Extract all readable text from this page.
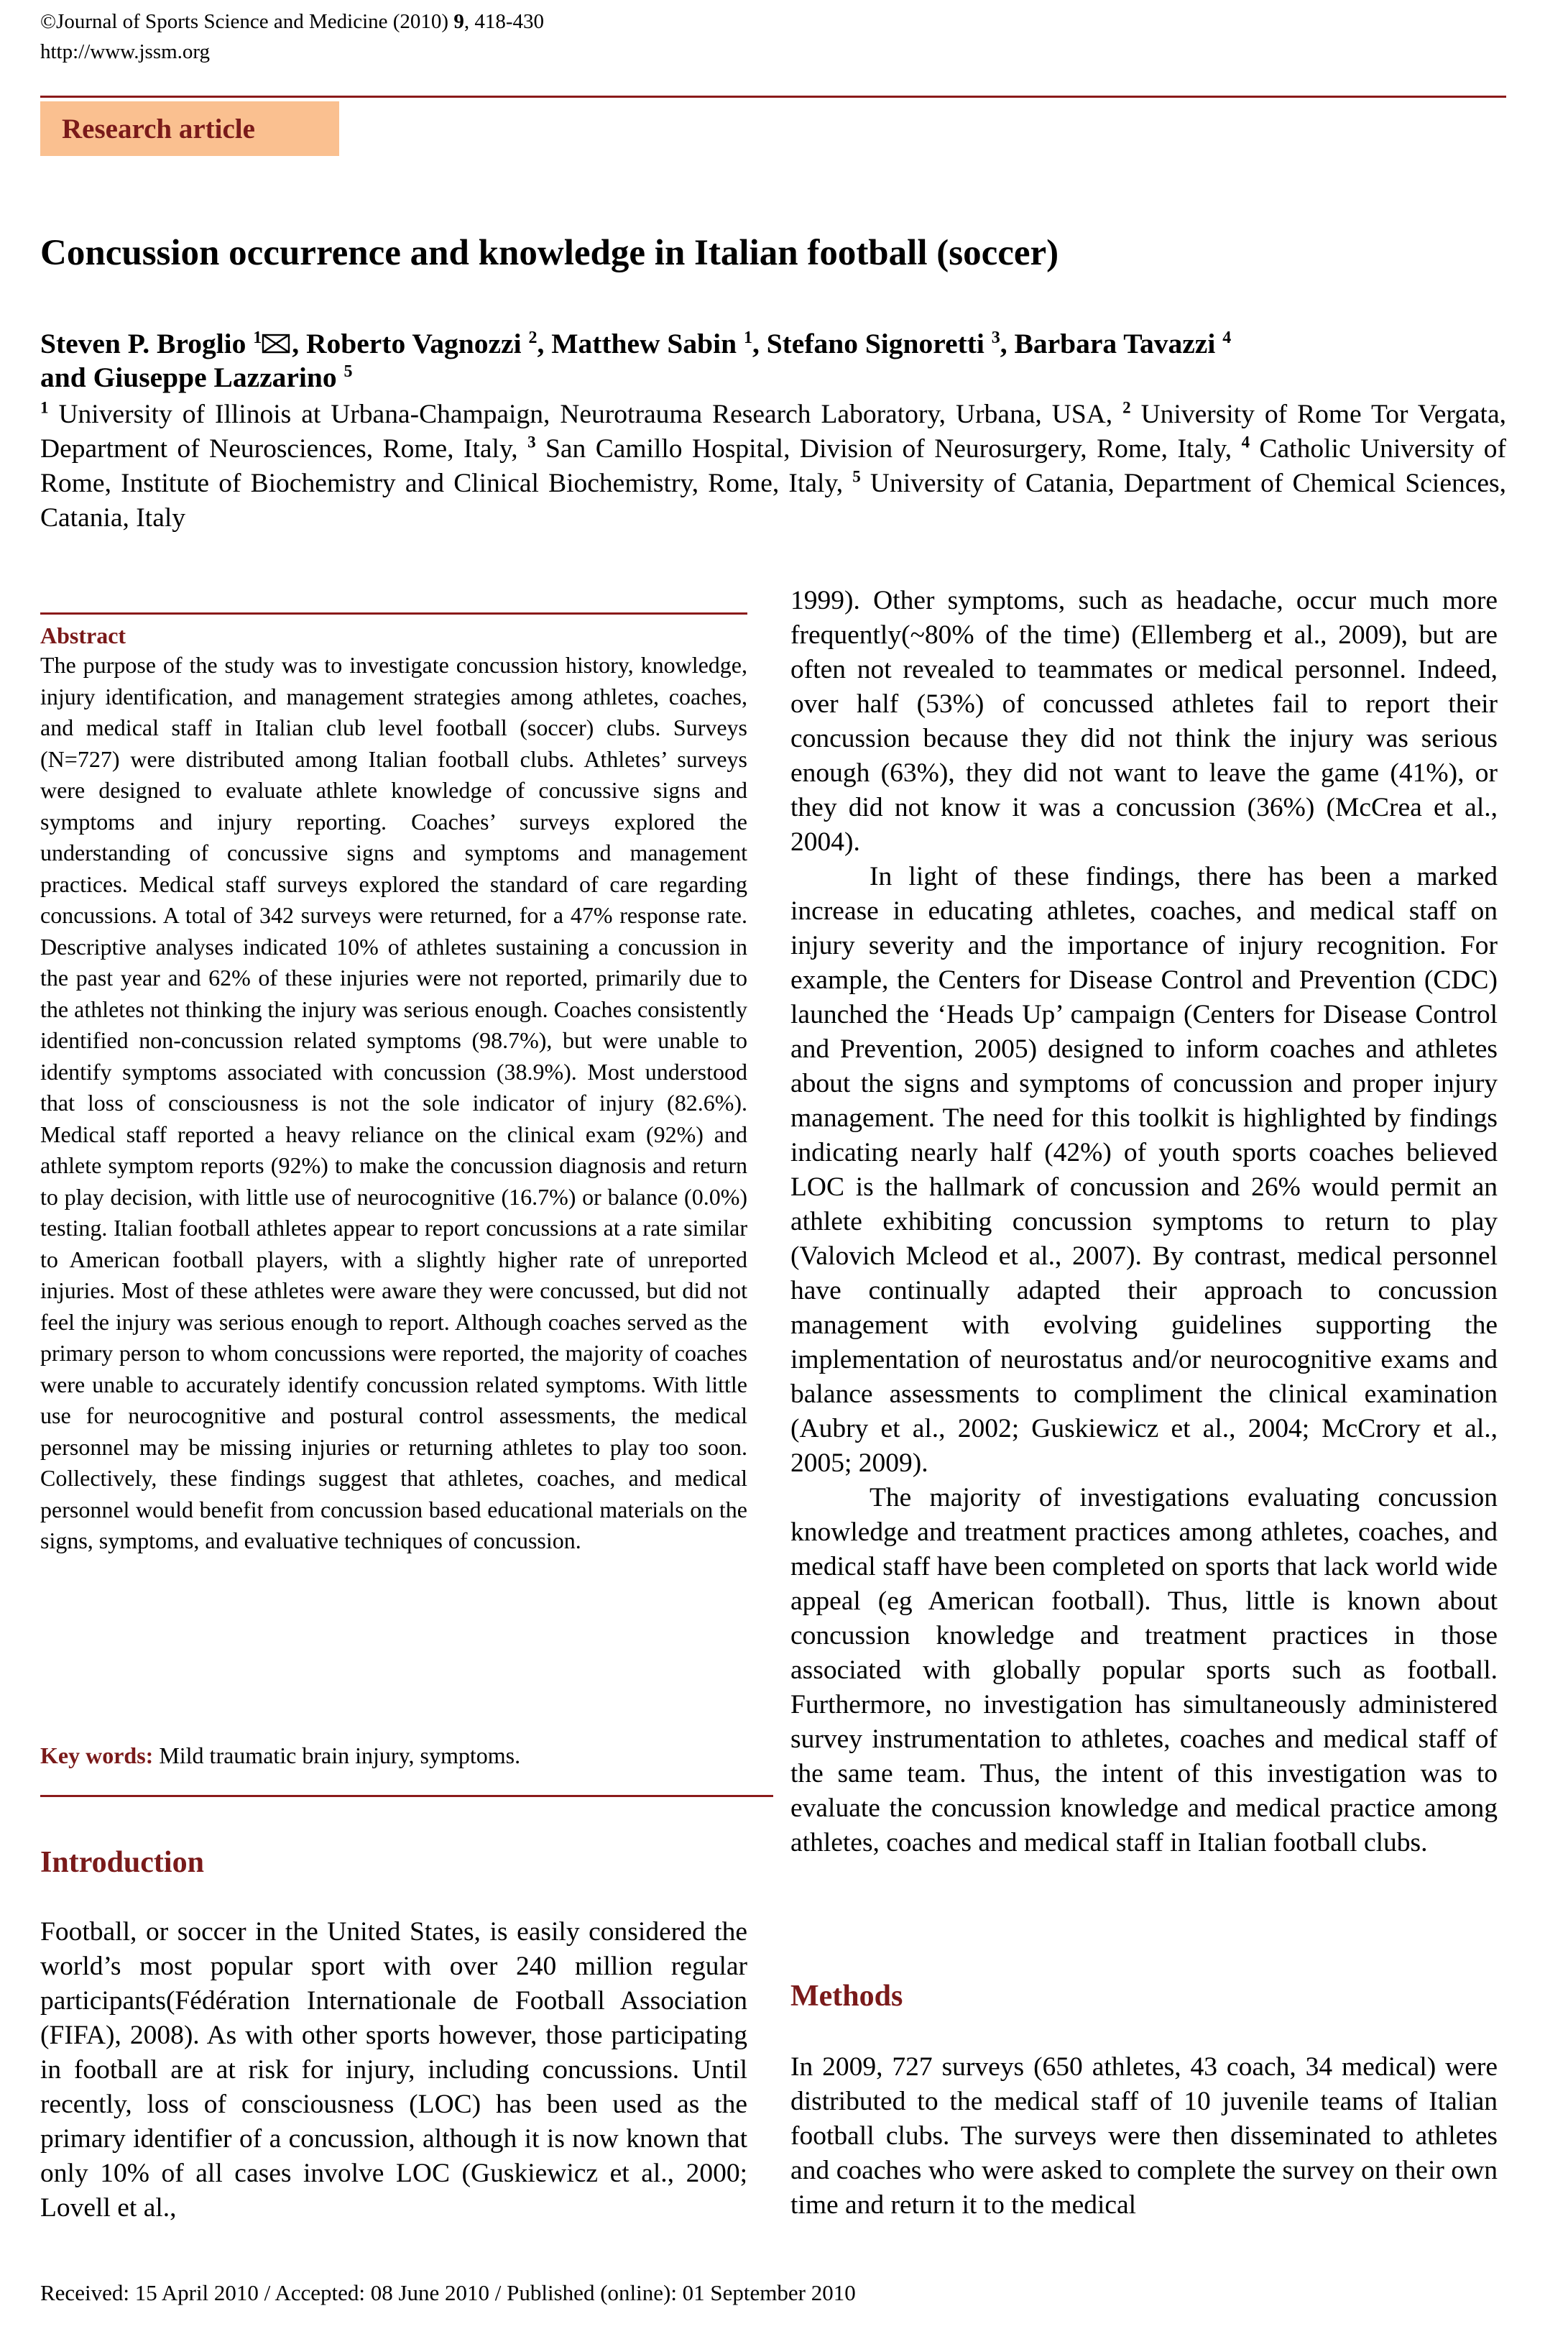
©Journal of Sports Science and Medicine (2010) 9, 418-430
http://www.jssm.org
Research article
Concussion occurrence and knowledge in Italian football (soccer)
Steven P. Broglio $^1$ , Roberto Vagnozzi $^2$, Matthew Sabin $^1$, Stefano Signoretti $^3$, Barbara Tavazzi $^4$
and Giuseppe Lazzarino $^5$
$^1$ University of Illinois at Urbana-Champaign, Neurotrauma Research Laboratory, Urbana, USA, $^2$ University of Rome Tor Vergata, Department of Neurosciences, Rome, Italy, $^3$ San Camillo Hospital, Division of Neurosurgery, Rome, Italy, $^4$ Catholic University of Rome, Institute of Biochemistry and Clinical Biochemistry, Rome, Italy, $^5$ University of Catania, Department of Chemical Sciences, Catania, Italy
Abstract
The purpose of the study was to investigate concussion history, knowledge, injury identification, and management strategies among athletes, coaches, and medical staff in Italian club level football (soccer) clubs. Surveys (N=727) were distributed among Italian football clubs. Athletes’ surveys were designed to evaluate athlete knowledge of concussive signs and symptoms and injury reporting. Coaches’ surveys explored the understanding of concussive signs and symptoms and management practices. Medical staff surveys explored the standard of care regarding concussions. A total of 342 surveys were returned, for a 47% response rate. Descriptive analyses indicated 10% of athletes sustaining a concussion in the past year and 62% of these injuries were not reported, primarily due to the athletes not thinking the injury was serious enough. Coaches consistently identified non-concussion related symptoms (98.7%), but were unable to identify symptoms associated with concussion (38.9%). Most understood that loss of consciousness is not the sole indicator of injury (82.6%). Medical staff reported a heavy reliance on the clinical exam (92%) and athlete symptom reports (92%) to make the concussion diagnosis and return to play decision, with little use of neurocognitive (16.7%) or balance (0.0%) testing. Italian football athletes appear to report concussions at a rate similar to American football players, with a slightly higher rate of unreported injuries. Most of these athletes were aware they were concussed, but did not feel the injury was serious enough to report. Although coaches served as the primary person to whom concussions were reported, the majority of coaches were unable to accurately identify concussion related symptoms. With little use for neurocognitive and postural control assessments, the medical personnel may be missing injuries or returning athletes to play too soon. Collectively, these findings suggest that athletes, coaches, and medical personnel would benefit from concussion based educational materials on the signs, symptoms, and evaluative techniques of concussion.
Key words: Mild traumatic brain injury, symptoms.
Introduction

Football, or soccer in the United States, is easily considered the world’s most popular sport with over 240 million regular participants(Fédération Internationale de Football Association (FIFA), 2008). As with other sports however, those participating in football are at risk for injury, including concussions. Until recently, loss of consciousness (LOC) has been used as the primary identifier of a concussion, although it is now known that only 10% of all cases involve LOC (Guskiewicz et al., 2000; Lovell et al.,

1999). Other symptoms, such as headache, occur much more frequently(~80% of the time) (Ellemberg et al., 2009), but are often not revealed to teammates or medical personnel. Indeed, over half (53%) of concussed athletes fail to report their concussion because they did not think the injury was serious enough (63%), they did not want to leave the game (41%), or they did not know it was a concussion (36%) (McCrea et al., 2004).

In light of these findings, there has been a marked increase in educating athletes, coaches, and medical staff on injury severity and the importance of injury recognition. For example, the Centers for Disease Control and Prevention (CDC) launched the ‘Heads Up’ campaign (Centers for Disease Control and Prevention, 2005) designed to inform coaches and athletes about the signs and symptoms of concussion and proper injury management. The need for this toolkit is highlighted by findings indicating nearly half (42%) of youth sports coaches believed LOC is the hallmark of concussion and 26% would permit an athlete exhibiting concussion symptoms to return to play (Valovich Mcleod et al., 2007). By contrast, medical personnel have continually adapted their approach to concussion management with evolving guidelines supporting the implementation of neurostatus and/or neurocognitive exams and balance assessments to compliment the clinical examination (Aubry et al., 2002; Guskiewicz et al., 2004; McCrory et al., 2005; 2009).

The majority of investigations evaluating concussion knowledge and treatment practices among athletes, coaches, and medical staff have been completed on sports that lack world wide appeal (eg American football). Thus, little is known about concussion knowledge and treatment practices in those associated with globally popular sports such as football. Furthermore, no investigation has simultaneously administered survey instrumentation to athletes, coaches and medical staff of the same team. Thus, the intent of this investigation was to evaluate the concussion knowledge and medical practice among athletes, coaches and medical staff in Italian football clubs.

Methods

In 2009, 727 surveys (650 athletes, 43 coach, 34 medical) were distributed to the medical staff of 10 juvenile teams of Italian football clubs. The surveys were then disseminated to athletes and coaches who were asked to complete the survey on their own time and return it to the medical

Received: 15 April 2010 / Accepted: 08 June 2010 / Published (online): 01 September 2010
